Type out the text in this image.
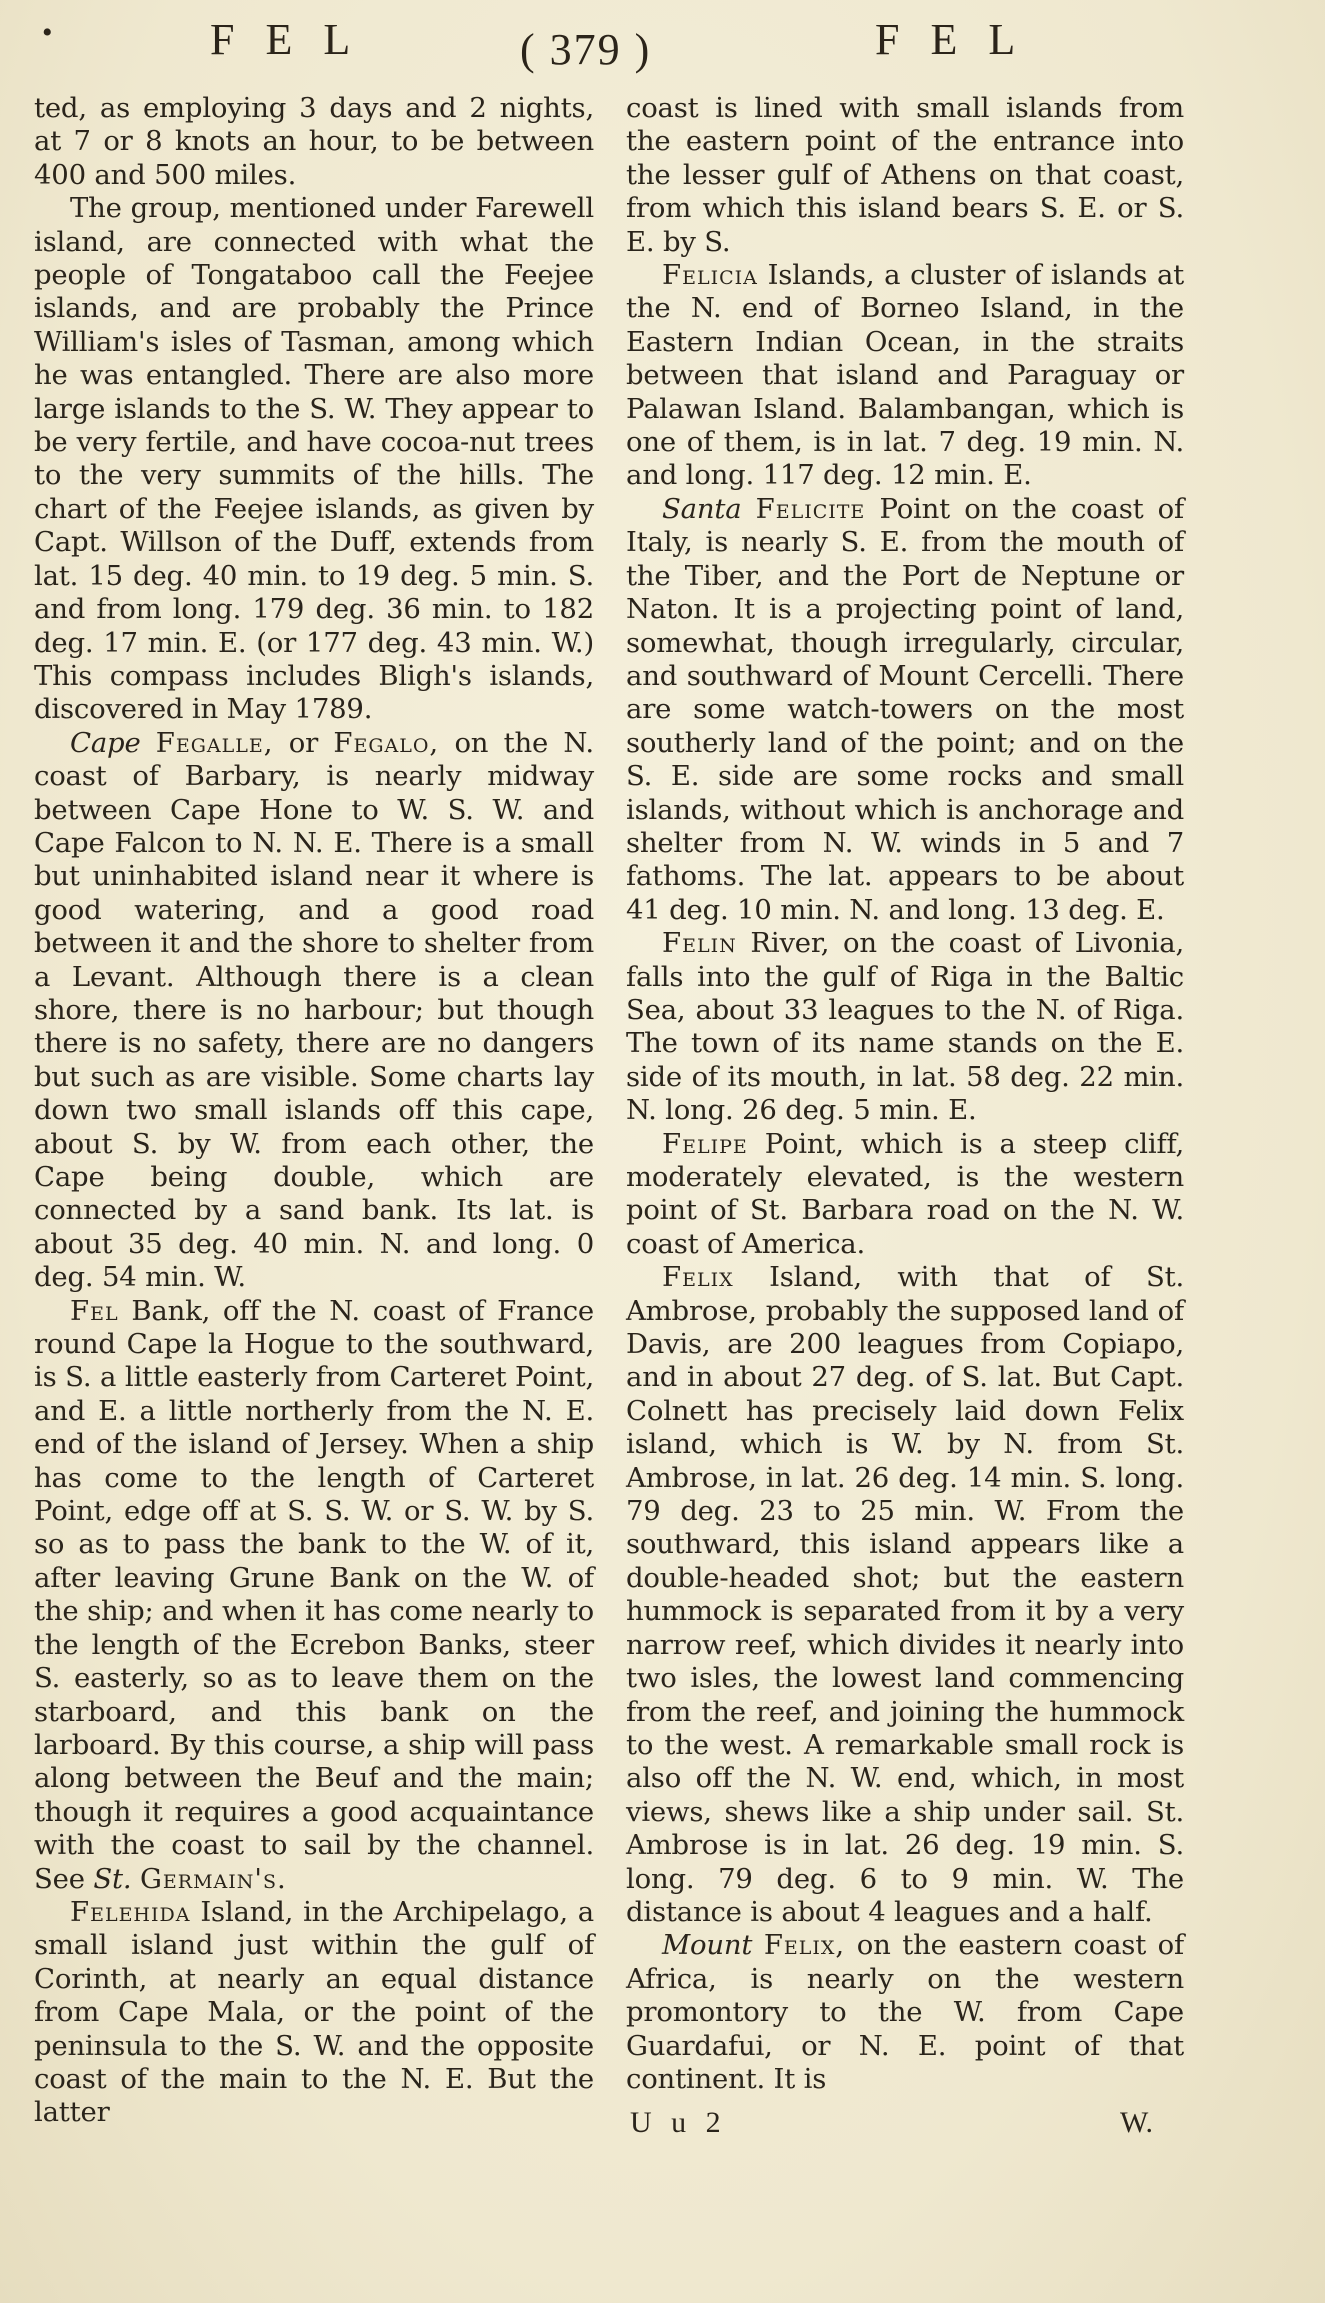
•	F E L	( 379 )	F E L

ted, as employing 3 days and 2 nights, at 7 or 8 knots an hour, to be between 400 and 500 miles.

The group, mentioned under Farewell island, are connected with what the people of Tongataboo call the Feejee islands, and are probably the Prince William's isles of Tasman, among which he was entangled. There are also more large islands to the S. W. They appear to be very fertile, and have cocoa-nut trees to the very summits of the hills. The chart of the Feejee islands, as given by Capt. Willson of the Duff, extends from lat. 15 deg. 40 min. to 19 deg. 5 min. S. and from long. 179 deg. 36 min. to 182 deg. 17 min. E. (or 177 deg. 43 min. W.) This compass includes Bligh's islands, discovered in May 1789.

Cape Fegalle, or Fegalo, on the N. coast of Barbary, is nearly midway between Cape Hone to W. S. W. and Cape Falcon to N. N. E. There is a small but uninhabited island near it where is good watering, and a good road between it and the shore to shelter from a Levant. Although there is a clean shore, there is no harbour; but though there is no safety, there are no dangers but such as are visible. Some charts lay down two small islands off this cape, about S. by W. from each other, the Cape being double, which are connected by a sand bank. Its lat. is about 35 deg. 40 min. N. and long. 0 deg. 54 min. W.

Fel Bank, off the N. coast of France round Cape la Hogue to the southward, is S. a little easterly from Carteret Point, and E. a little northerly from the N. E. end of the island of Jersey. When a ship has come to the length of Carteret Point, edge off at S. S. W. or S. W. by S. so as to pass the bank to the W. of it, after leaving Grune Bank on the W. of the ship; and when it has come nearly to the length of the Ecrebon Banks, steer S. easterly, so as to leave them on the starboard, and this bank on the larboard. By this course, a ship will pass along between the Beuf and the main; though it requires a good acquaintance with the coast to sail by the channel. See St. Germain's.

Felehida Island, in the Archipelago, a small island just within the gulf of Corinth, at nearly an equal distance from Cape Mala, or the point of the peninsula to the S. W. and the opposite coast of the main to the N. E. But the latter

coast is lined with small islands from the eastern point of the entrance into the lesser gulf of Athens on that coast, from which this island bears S. E. or S. E. by S.

Felicia Islands, a cluster of islands at the N. end of Borneo Island, in the Eastern Indian Ocean, in the straits between that island and Paraguay or Palawan Island. Balambangan, which is one of them, is in lat. 7 deg. 19 min. N. and long. 117 deg. 12 min. E.

Santa Felicite Point on the coast of Italy, is nearly S. E. from the mouth of the Tiber, and the Port de Neptune or Naton. It is a projecting point of land, somewhat, though irregularly, circular, and southward of Mount Cercelli. There are some watch-towers on the most southerly land of the point; and on the S. E. side are some rocks and small islands, without which is anchorage and shelter from N. W. winds in 5 and 7 fathoms. The lat. appears to be about 41 deg. 10 min. N. and long. 13 deg. E.

Felin River, on the coast of Livonia, falls into the gulf of Riga in the Baltic Sea, about 33 leagues to the N. of Riga. The town of its name stands on the E. side of its mouth, in lat. 58 deg. 22 min. N. long. 26 deg. 5 min. E.

Felipe Point, which is a steep cliff, moderately elevated, is the western point of St. Barbara road on the N. W. coast of America.

Felix Island, with that of St. Ambrose, probably the supposed land of Davis, are 200 leagues from Copiapo, and in about 27 deg. of S. lat. But Capt. Colnett has precisely laid down Felix island, which is W. by N. from St. Ambrose, in lat. 26 deg. 14 min. S. long. 79 deg. 23 to 25 min. W. From the southward, this island appears like a double-headed shot; but the eastern hummock is separated from it by a very narrow reef, which divides it nearly into two isles, the lowest land commencing from the reef, and joining the hummock to the west. A remarkable small rock is also off the N. W. end, which, in most views, shews like a ship under sail. St. Ambrose is in lat. 26 deg. 19 min. S. long. 79 deg. 6 to 9 min. W. The distance is about 4 leagues and a half.

Mount Felix, on the eastern coast of Africa, is nearly on the western promontory to the W. from Cape Guardafui, or N. E. point of that continent. It is

U u 2	W.
